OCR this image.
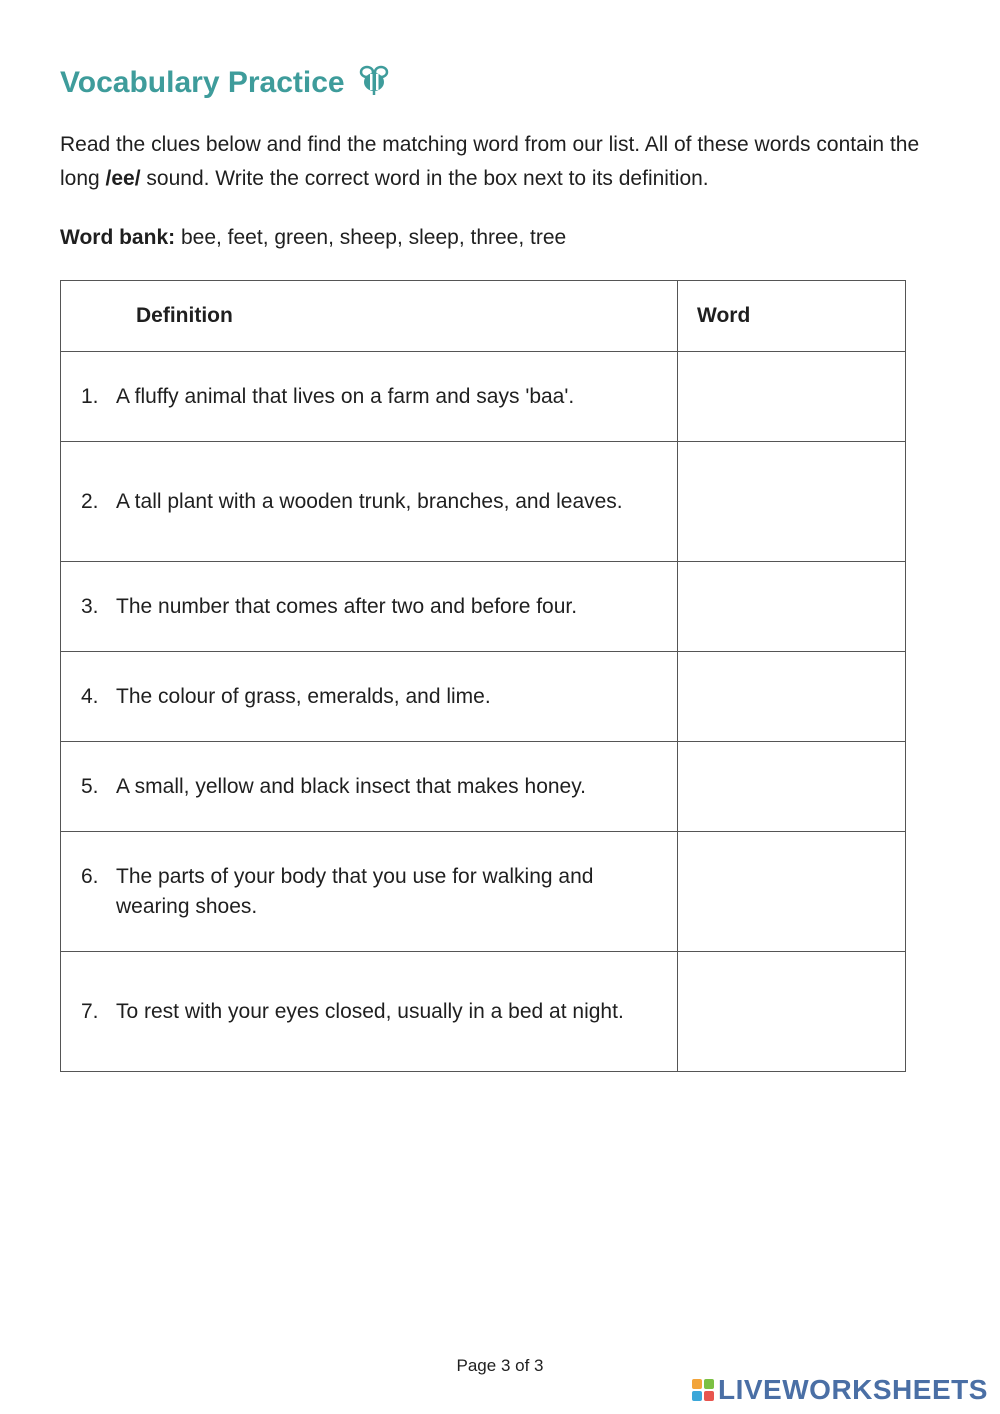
Vocabulary Practice

Read the clues below and find the matching word from our list. All of these words contain the long /ee/ sound. Write the correct word in the box next to its definition.

Word bank: bee, feet, green, sheep, sleep, three, tree

Definition	Word

1. A fluffy animal that lives on a farm and says 'baa'.

2. A tall plant with a wooden trunk, branches, and leaves.

3. The number that comes after two and before four.

4. The colour of grass, emeralds, and lime.

5. A small, yellow and black insect that makes honey.

6. The parts of your body that you use for walking and wearing shoes.

7. To rest with your eyes closed, usually in a bed at night.

Page 3 of 3

LIVEWORKSHEETS
